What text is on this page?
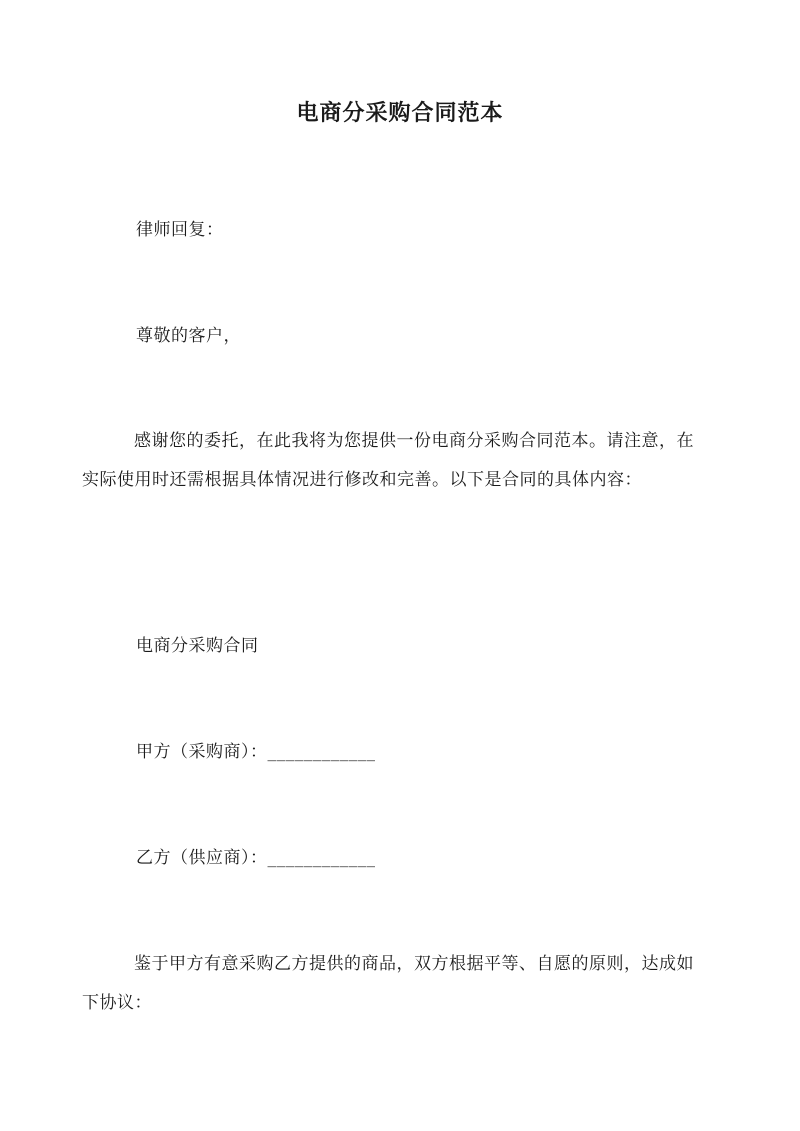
电商分采购合同范本
律师回复：
尊敬的客户，

感谢您的委托，在此我将为您提供一份电商分采购合同范本。请注意，在实际使用时还需根据具体情况进行修改和完善。以下是合同的具体内容：

电商分采购合同
甲方（采购商）：____________
乙方（供应商）：____________

鉴于甲方有意采购乙方提供的商品，双方根据平等、自愿的原则，达成如下协议：
